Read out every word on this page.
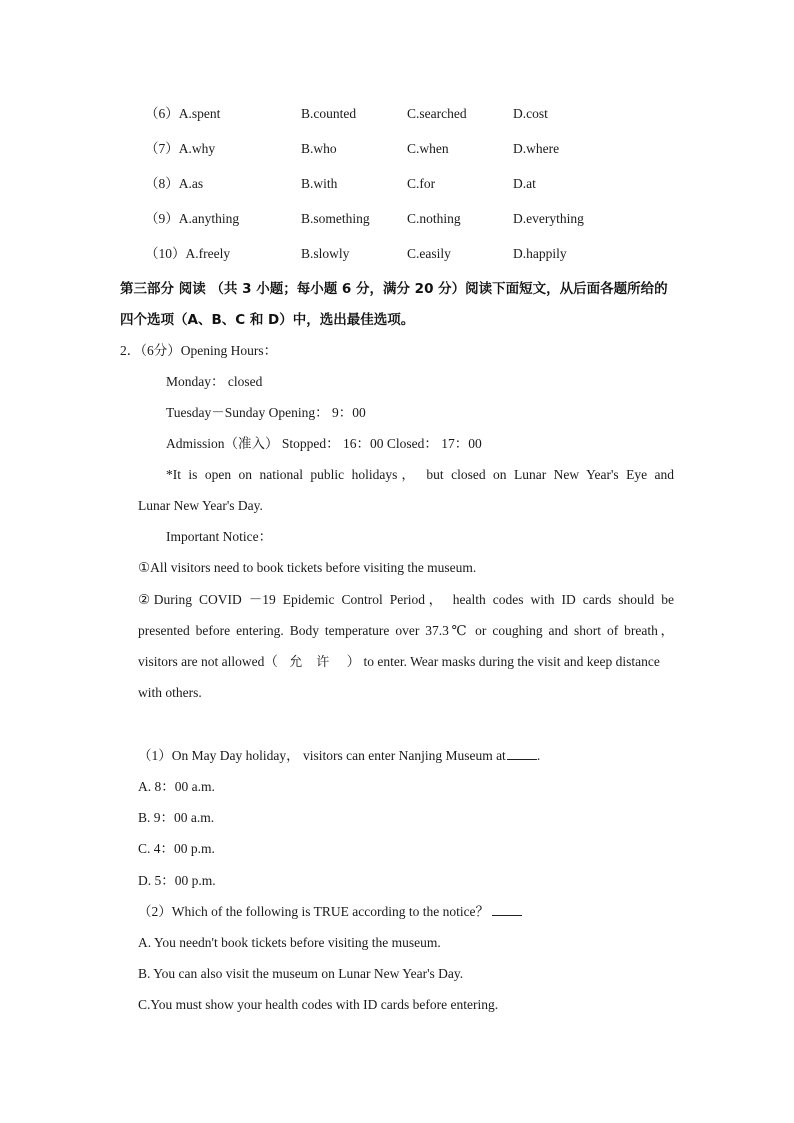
（6）A.spent	B.counted	C.searched	D.cost
（7）A.why	B.who	C.when	D.where
（8）A.as	B.with	C.for	D.at
（9）A.anything	B.something	C.nothing	D.everything
（10）A.freely	B.slowly	C.easily	D.happily
第三部分 阅读 （共 3 小题；每小题 6 分，满分 20 分）阅读下面短文，从后面各题所给的
四个选项（A、B、C 和 D）中，选出最佳选项。
2．（6分）Opening Hours：
Monday： closed
Tuesday－Sunday Opening： 9：00
Admission（准入） Stopped： 16：00 Closed： 17：00
*It is open on national public holidays， but closed on Lunar New Year's Eye and
Lunar New Year's Day.
Important Notice：
①All visitors need to book tickets before visiting the museum.
②During COVID －19 Epidemic Control Period， health codes with ID cards should be
presented before entering. Body temperature over 37.3℃ or coughing and short of breath，
visitors are not allowed（ 允许 ） to enter. Wear masks during the visit and keep distance
with others.
（1）On May Day holiday， visitors can enter Nanjing Museum at .
A. 8：00 a.m.
B. 9：00 a.m.
C. 4：00 p.m.
D. 5：00 p.m.
（2）Which of the following is TRUE according to the notice？
A. You needn't book tickets before visiting the museum.
B. You can also visit the museum on Lunar New Year's Day.
C.You must show your health codes with ID cards before entering.
